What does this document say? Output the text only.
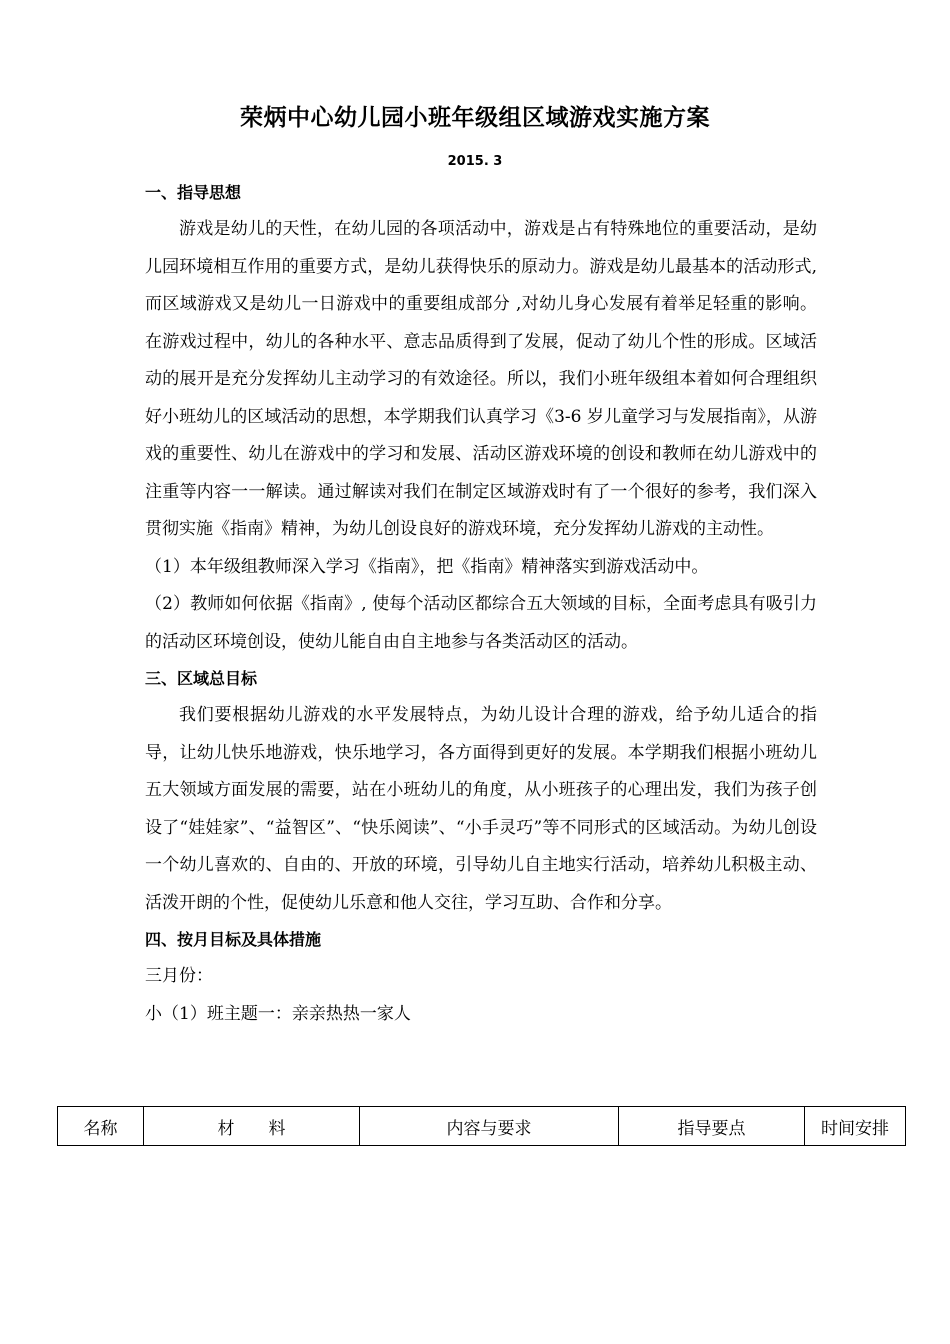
荣炳中心幼儿园小班年级组区域游戏实施方案
2015. 3
一、指导思想

游戏是幼儿的天性，在幼儿园的各项活动中，游戏是占有特殊地位的重要活动，是幼儿园环境相互作用的重要方式，是幼儿获得快乐的原动力。游戏是幼儿最基本的活动形式,而区域游戏又是幼儿一日游戏中的重要组成部分 ,对幼儿身心发展有着举足轻重的影响。在游戏过程中，幼儿的各种水平、意志品质得到了发展，促动了幼儿个性的形成。区域活动的展开是充分发挥幼儿主动学习的有效途径。所以，我们小班年级组本着如何合理组织好小班幼儿的区域活动的思想，本学期我们认真学习《3-6 岁儿童学习与发展指南》，从游戏的重要性、幼儿在游戏中的学习和发展、活动区游戏环境的创设和教师在幼儿游戏中的注重等内容一一解读。通过解读对我们在制定区域游戏时有了一个很好的参考，我们深入贯彻实施《指南》精神，为幼儿创设良好的游戏环境，充分发挥幼儿游戏的主动性。

（1）本年级组教师深入学习《指南》，把《指南》精神落实到游戏活动中。

（2）教师如何依据《指南》, 使每个活动区都综合五大领域的目标，全面考虑具有吸引力的活动区环境创设，使幼儿能自由自主地参与各类活动区的活动。

三、区域总目标

我们要根据幼儿游戏的水平发展特点，为幼儿设计合理的游戏，给予幼儿适合的指导，让幼儿快乐地游戏，快乐地学习，各方面得到更好的发展。本学期我们根据小班幼儿五大领域方面发展的需要，站在小班幼儿的角度，从小班孩子的心理出发，我们为孩子创设了“娃娃家”、“益智区”、“快乐阅读”、“小手灵巧”等不同形式的区域活动。为幼儿创设一个幼儿喜欢的、自由的、开放的环境，引导幼儿自主地实行活动，培养幼儿积极主动、活泼开朗的个性，促使幼儿乐意和他人交往，学习互助、合作和分享。

四、按月目标及具体措施

三月份：

小（1）班主题一：亲亲热热一家人

名称	材　　料	内容与要求	指导要点	时间安排
